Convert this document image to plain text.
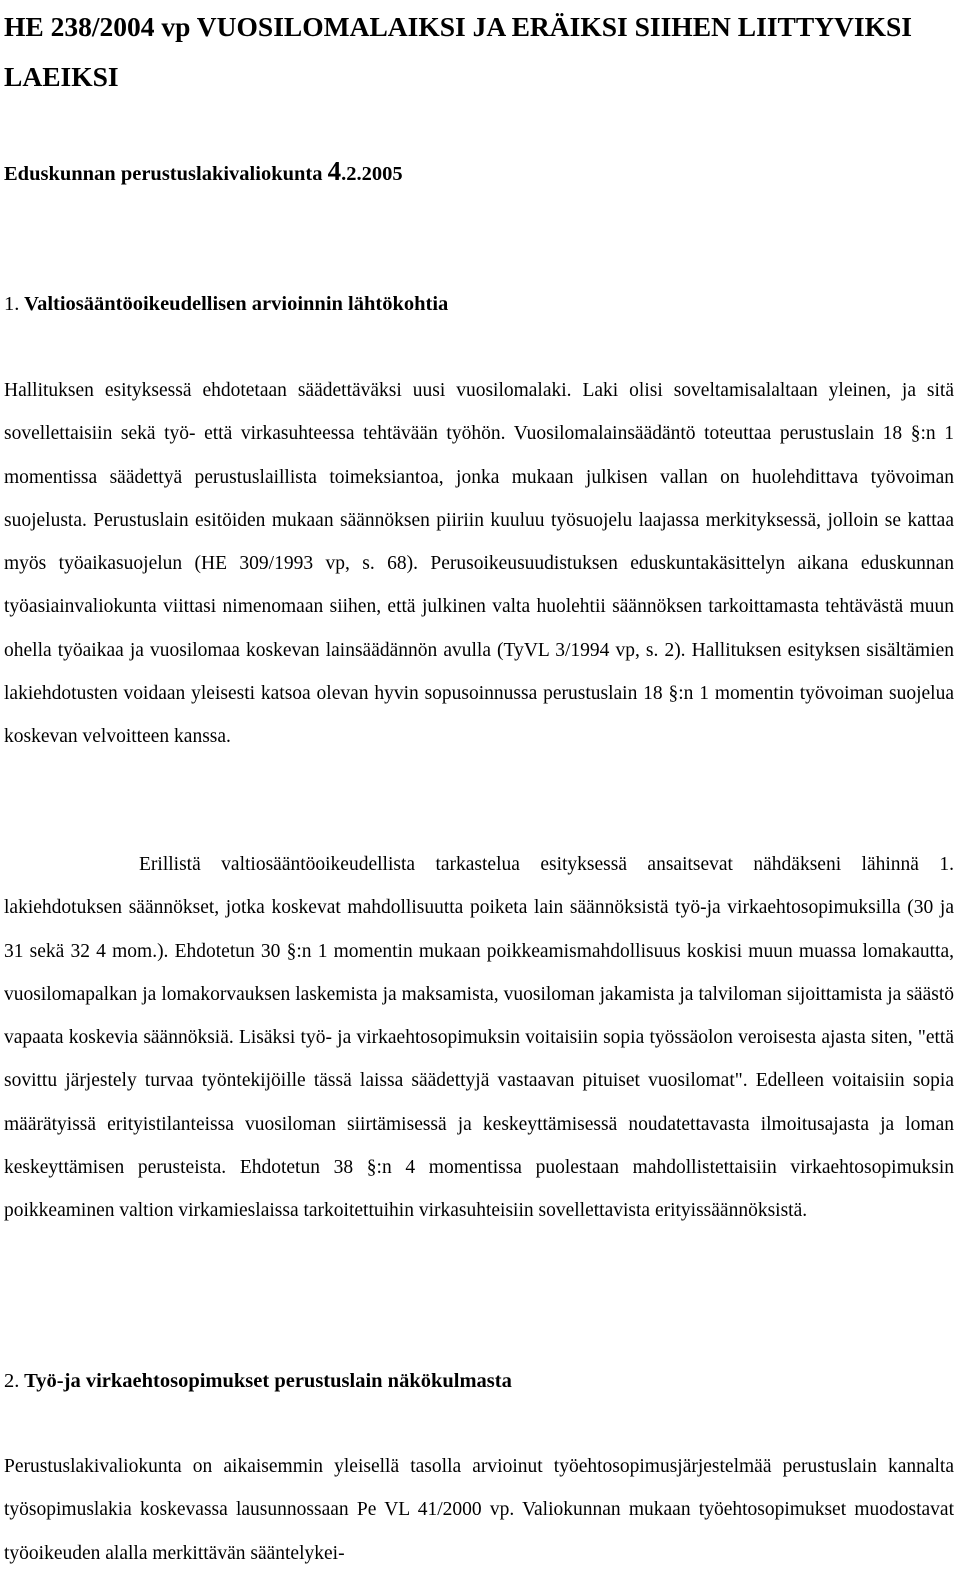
HE 238/2004 vp VUOSILOMALAIKSI JA ERÄIKSI SIIHEN LIITTYVIKSI LAEIKSI

Eduskunnan perustuslakivaliokunta 4.2.2005

1. Valtiosääntöoikeudellisen arvioinnin lähtökohtia

Hallituksen esityksessä ehdotetaan säädettäväksi uusi vuosilomalaki. Laki olisi soveltamisalaltaan yleinen, ja sitä sovellettaisiin sekä työ- että virkasuhteessa tehtävään työhön. Vuosilomalainsäädäntö toteuttaa perustuslain 18 §:n 1 momentissa säädettyä perustuslaillista toimeksiantoa, jonka mukaan julkisen vallan on huolehdittava työvoiman suojelusta. Perustuslain esitöiden mukaan säännöksen piiriin kuuluu työsuojelu laajassa merkityksessä, jolloin se kattaa myös työaikasuojelun (HE 309/1993 vp, s. 68). Perusoikeusuudistuksen eduskuntakäsittelyn aikana eduskunnan työasiainvaliokunta viittasi nimenomaan siihen, että julkinen valta huolehtii säännöksen tarkoittamasta tehtävästä muun ohella työaikaa ja vuosilomaa koskevan lainsäädännön avulla (TyVL 3/1994 vp, s. 2). Hallituksen esityksen sisältämien lakiehdotusten voidaan yleisesti katsoa olevan hyvin sopusoinnussa perustuslain 18 §:n 1 momentin työvoiman suojelua koskevan velvoitteen kanssa.

Erillistä valtiosääntöoikeudellista tarkastelua esityksessä ansaitsevat nähdäkseni lähinnä 1. lakiehdotuksen säännökset, jotka koskevat mahdollisuutta poiketa lain säännöksistä työ-ja virkaehtosopimuksilla (30 ja 31 sekä 32 4 mom.). Ehdotetun 30 §:n 1 momentin mukaan poikkeamismahdollisuus koskisi muun muassa lomakautta, vuosilomapalkan ja lomakorvauksen laskemista ja maksamista, vuosiloman jakamista ja talviloman sijoittamista ja säästö vapaata koskevia säännöksiä. Lisäksi työ- ja virkaehtosopimuksin voitaisiin sopia työssäolon veroisesta ajasta siten, "että sovittu järjestely turvaa työntekijöille tässä laissa säädettyjä vastaavan pituiset vuosilomat". Edelleen voitaisiin sopia määrätyissä erityistilanteissa vuosiloman siirtämisessä ja keskeyttämisessä noudatettavasta ilmoitusajasta ja loman keskeyttämisen perusteista. Ehdotetun 38 §:n 4 momentissa puolestaan mahdollistettaisiin virkaehtosopimuksin poikkeaminen valtion virkamieslaissa tarkoitettuihin virkasuhteisiin sovellettavista erityissäännöksistä.

2. Työ-ja virkaehtosopimukset perustuslain näkökulmasta

Perustuslakivaliokunta on aikaisemmin yleisellä tasolla arvioinut työehtosopimusjärjestelmää perustuslain kannalta työsopimuslakia koskevassa lausunnossaan Pe VL 41/2000 vp. Valiokunnan mukaan työehtosopimukset muodostavat työoikeuden alalla merkittävän sääntelykei-
